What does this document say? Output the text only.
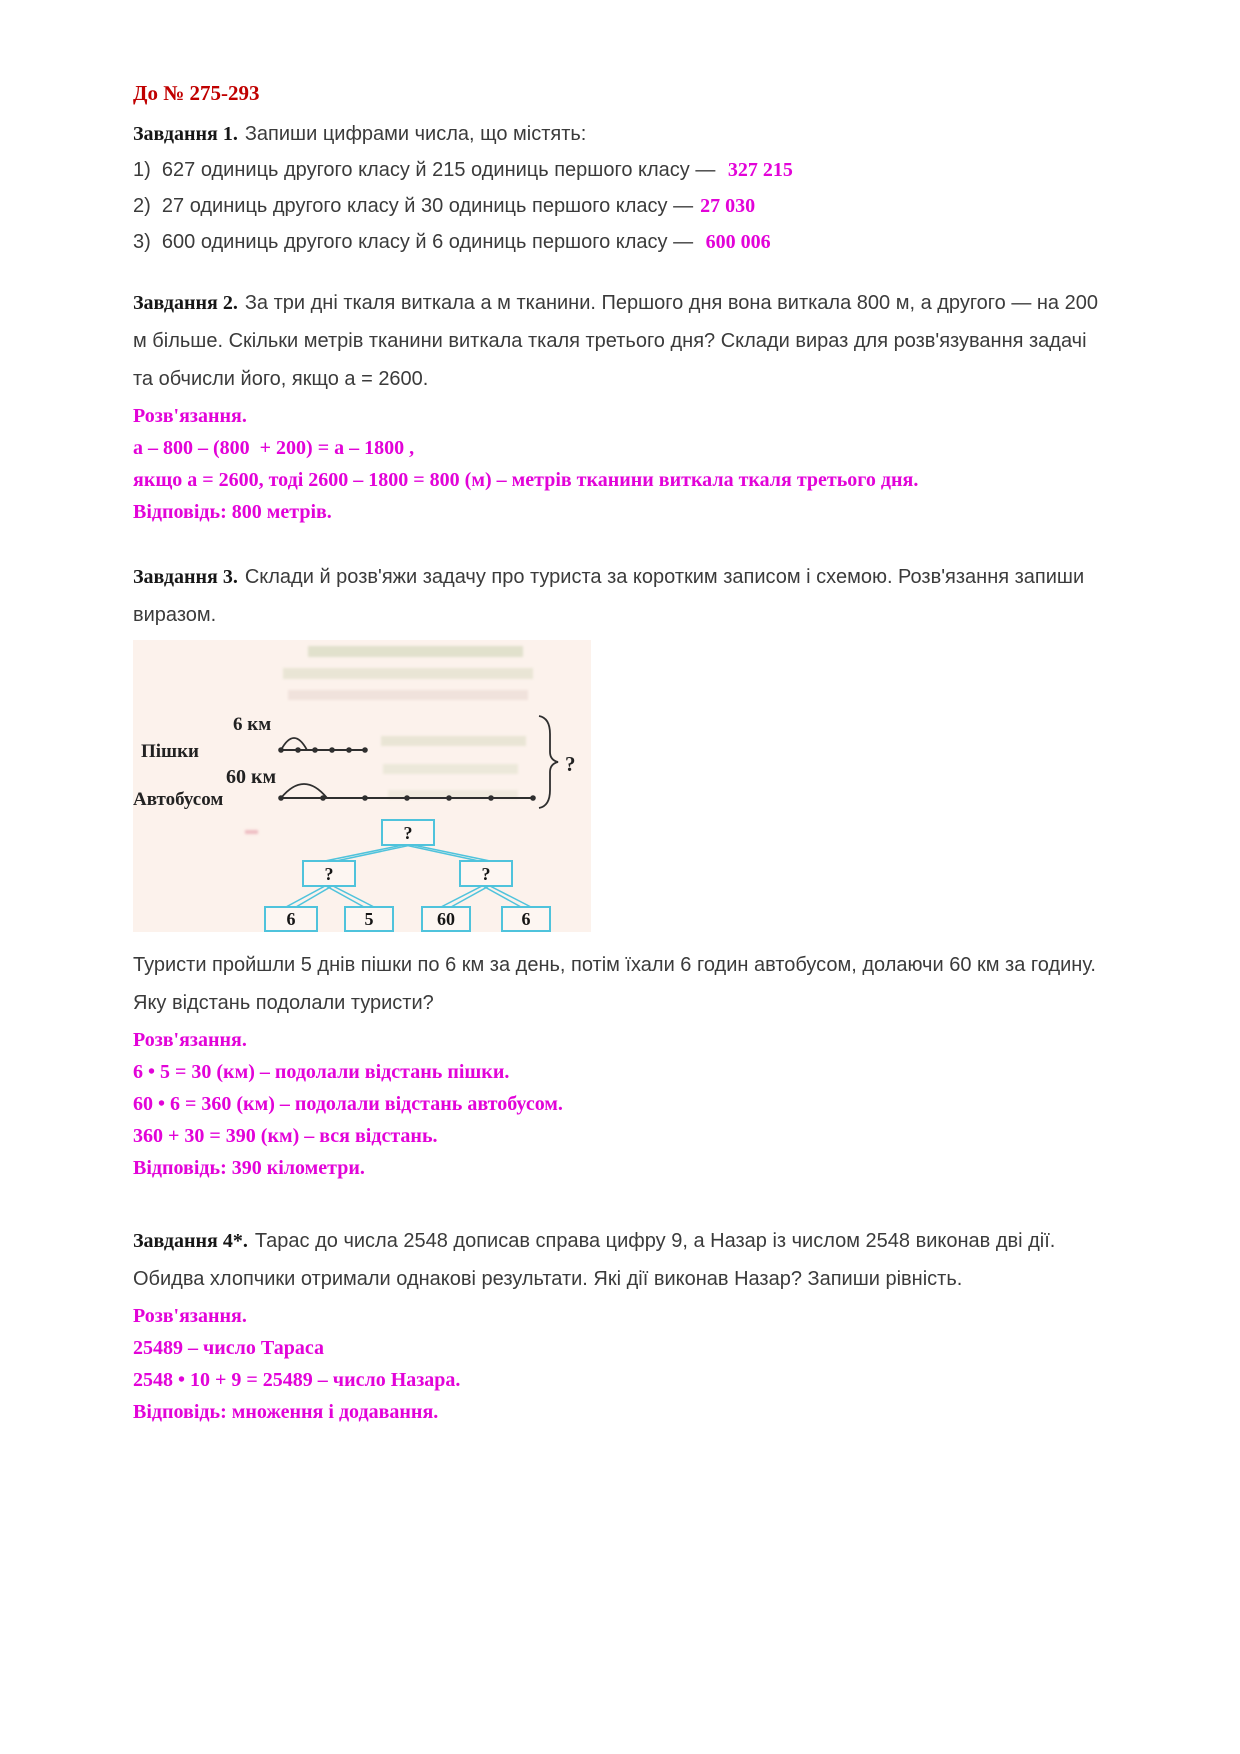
До № 275-293

Завдання 1. Запиши цифрами числа, що містять:

1)  627 одиниць другого класу й 215 одиниць першого класу — 327 215

2)  27 одиниць другого класу й 30 одиниць першого класу — 27 030

3)  600 одиниць другого класу й 6 одиниць першого класу — 600 006

Завдання 2. За три дні ткаля виткала а м тканини. Першого дня вона виткала 800 м, а другого — на 200 м більше. Скільки метрів тканини виткала ткаля третього дня? Склади вираз для розв'язування задачі та обчисли його, якщо а = 2600.

Розв'язання.

а – 800 – (800  + 200) = а – 1800 ,

якщо а = 2600, тоді 2600 – 1800 = 800 (м) – метрів тканини виткала ткаля третього дня.

Відповідь: 800 метрів.

Завдання 3. Склади й розв'яжи задачу про туриста за коротким записом і схемою. Розв'язання запиши виразом.

6 км
Пішки
60 км
Автобусом
?
?
?	?
6	5	60	6

Туристи пройшли 5 днів пішки по 6 км за день, потім їхали 6 годин автобусом, долаючи 60 км за годину. Яку відстань подолали туристи?

Розв'язання.

6 • 5 = 30 (км) – подолали відстань пішки.

60 • 6 = 360 (км) – подолали відстань автобусом.

360 + 30 = 390 (км) – вся відстань.

Відповідь: 390 кілометри.

Завдання 4*. Тарас до числа 2548 дописав справа цифру 9, а Назар із числом 2548 виконав дві дії. Обидва хлопчики отримали однакові результати. Які дії виконав Назар? Запиши рівність.

Розв'язання.

25489 – число Тараса

2548 • 10 + 9 = 25489 – число Назара.

Відповідь: множення і додавання.
